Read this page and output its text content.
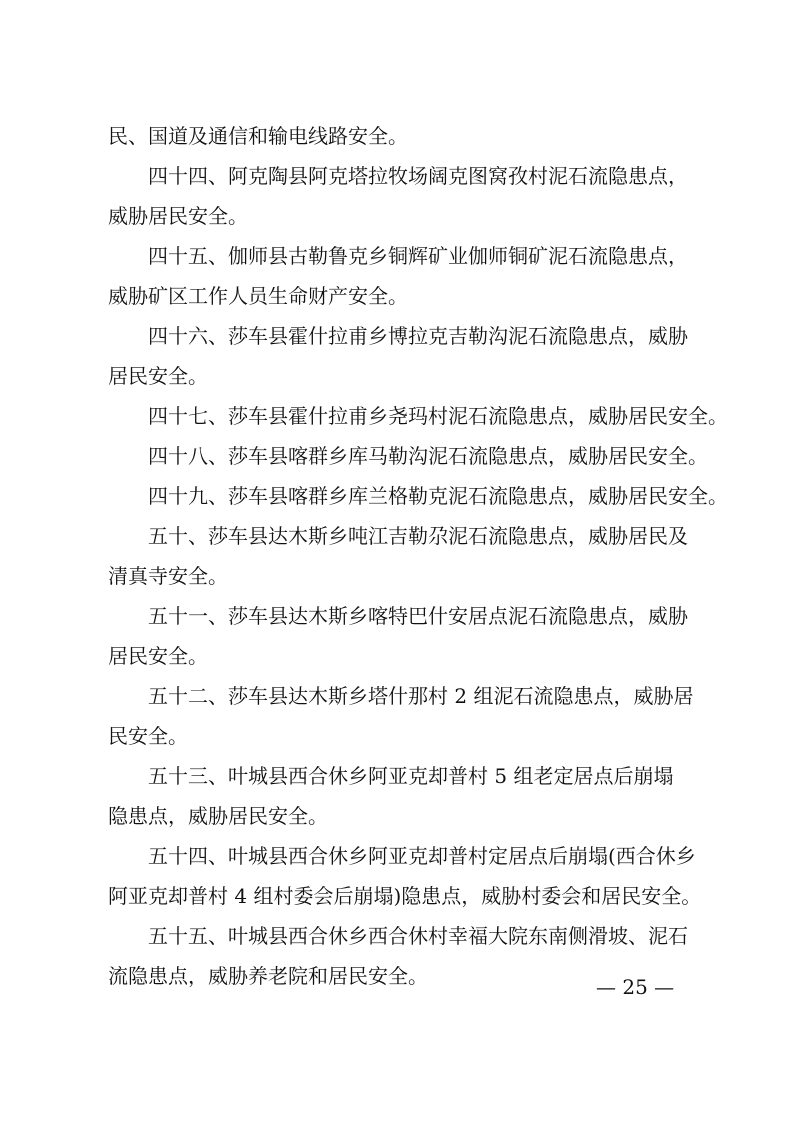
民、国道及通信和输电线路安全。
四十四、阿克陶县阿克塔拉牧场阔克图窝孜村泥石流隐患点，
威胁居民安全。
四十五、伽师县古勒鲁克乡铜辉矿业伽师铜矿泥石流隐患点，
威胁矿区工作人员生命财产安全。
四十六、莎车县霍什拉甫乡博拉克吉勒沟泥石流隐患点，威胁
居民安全。
四十七、莎车县霍什拉甫乡尧玛村泥石流隐患点，威胁居民安全。
四十八、莎车县喀群乡库马勒沟泥石流隐患点，威胁居民安全。
四十九、莎车县喀群乡库兰格勒克泥石流隐患点，威胁居民安全。
五十、莎车县达木斯乡吨江吉勒尕泥石流隐患点，威胁居民及
清真寺安全。
五十一、莎车县达木斯乡喀特巴什安居点泥石流隐患点，威胁
居民安全。
五十二、莎车县达木斯乡塔什那村 2 组泥石流隐患点，威胁居
民安全。
五十三、叶城县西合休乡阿亚克却普村 5 组老定居点后崩塌
隐患点，威胁居民安全。
五十四、叶城县西合休乡阿亚克却普村定居点后崩塌(西合休乡
阿亚克却普村 4 组村委会后崩塌)隐患点，威胁村委会和居民安全。
五十五、叶城县西合休乡西合休村幸福大院东南侧滑坡、泥石
流隐患点，威胁养老院和居民安全。	— 25 —
